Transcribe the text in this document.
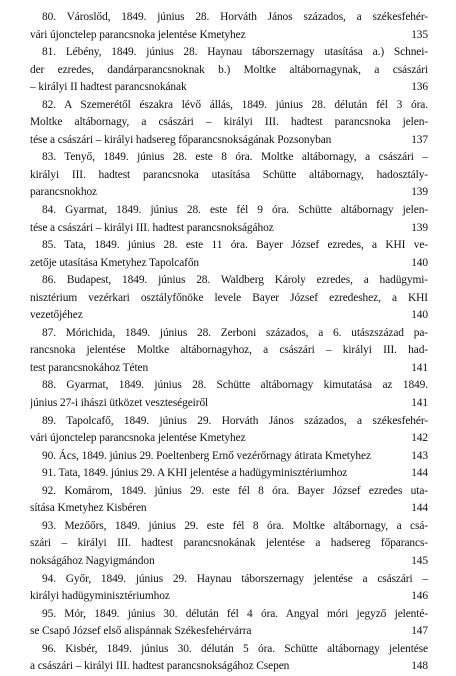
80. Városlőd, 1849. június 28. Horváth János százados, a székesfehér-
vári újonctelep parancsnoka jelentése Kmetyhez	135
81. Lébény, 1849. június 28. Haynau táborszernagy utasítása a.) Schnei-
der ezredes, dandárparancsnoknak b.) Moltke altábornagynak, a császári
– királyi II hadtest parancsnokának	136
82. A Szemerétől északra lévő állás, 1849. június 28. délután fél 3 óra.
Moltke altábornagy, a császári – királyi III. hadtest parancsnoka jelen-
tése a császári – királyi hadsereg főparancsnokságának Pozsonyban	137
83. Tenyő, 1849. június 28. este 8 óra. Moltke altábornagy, a császári –
királyi III. hadtest parancsnoka utasítása Schütte altábornagy, hadosztály-
parancsnokhoz	139
84. Gyarmat, 1849. június 28. este fél 9 óra. Schütte altábornagy jelen-
tése a császári – királyi III. hadtest parancsnokságához	139
85. Tata, 1849. június 28. este 11 óra. Bayer József ezredes, a KHI ve-
zetője utasítása Kmetyhez Tapolcafőn	140
86. Budapest, 1849. június 28. Waldberg Károly ezredes, a hadügymi-
nisztérium vezérkari osztályfőnöke levele Bayer József ezredeshez, a KHI
vezetőjéhez	140
87. Mórichida, 1849. június 28. Zerboni százados, a 6. utászszázad pa-
rancsnoka jelentése Moltke altábornagyhoz, a császári – királyi III. had-
test parancsnokához Téten	141
88. Gyarmat, 1849. június 28. Schütte altábornagy kimutatása az 1849.
június 27-i ihászi ütközet veszteségeiről	141
89. Tapolcafő, 1849. június 29. Horváth János százados, a székesfehér-
vári újonctelep parancsnoka jelentése Kmetyhez	142
90. Ács, 1849. június 29. Poeltenberg Ernő vezérőrnagy átirata Kmetyhez	143
91. Tata, 1849. június 29. A KHI jelentése a hadügyminisztériumhoz	144
92. Komárom, 1849. június 29. este fél 8 óra. Bayer József ezredes uta-
sítása Kmetyhez Kisbéren	144
93. Mezőőrs, 1849. június 29. este fél 8 óra. Moltke altábornagy, a csá-
szári – királyi III. hadtest parancsnokának jelentése a hadsereg főparancs-
nokságához Nagyigmándon	145
94. Győr, 1849. június 29. Haynau táborszernagy jelentése a császári –
királyi hadügyminisztériumhoz	146
95. Mór, 1849. június 30. délután fél 4 óra. Angyal móri jegyző jelenté-
se Csapó József első alispánnak Székesfehérvárra	147
96. Kisbér, 1849. június 30. délután 5 óra. Schütte altábornagy jelentése
a császári – királyi III. hadtest parancsnokságához Csepen	148
